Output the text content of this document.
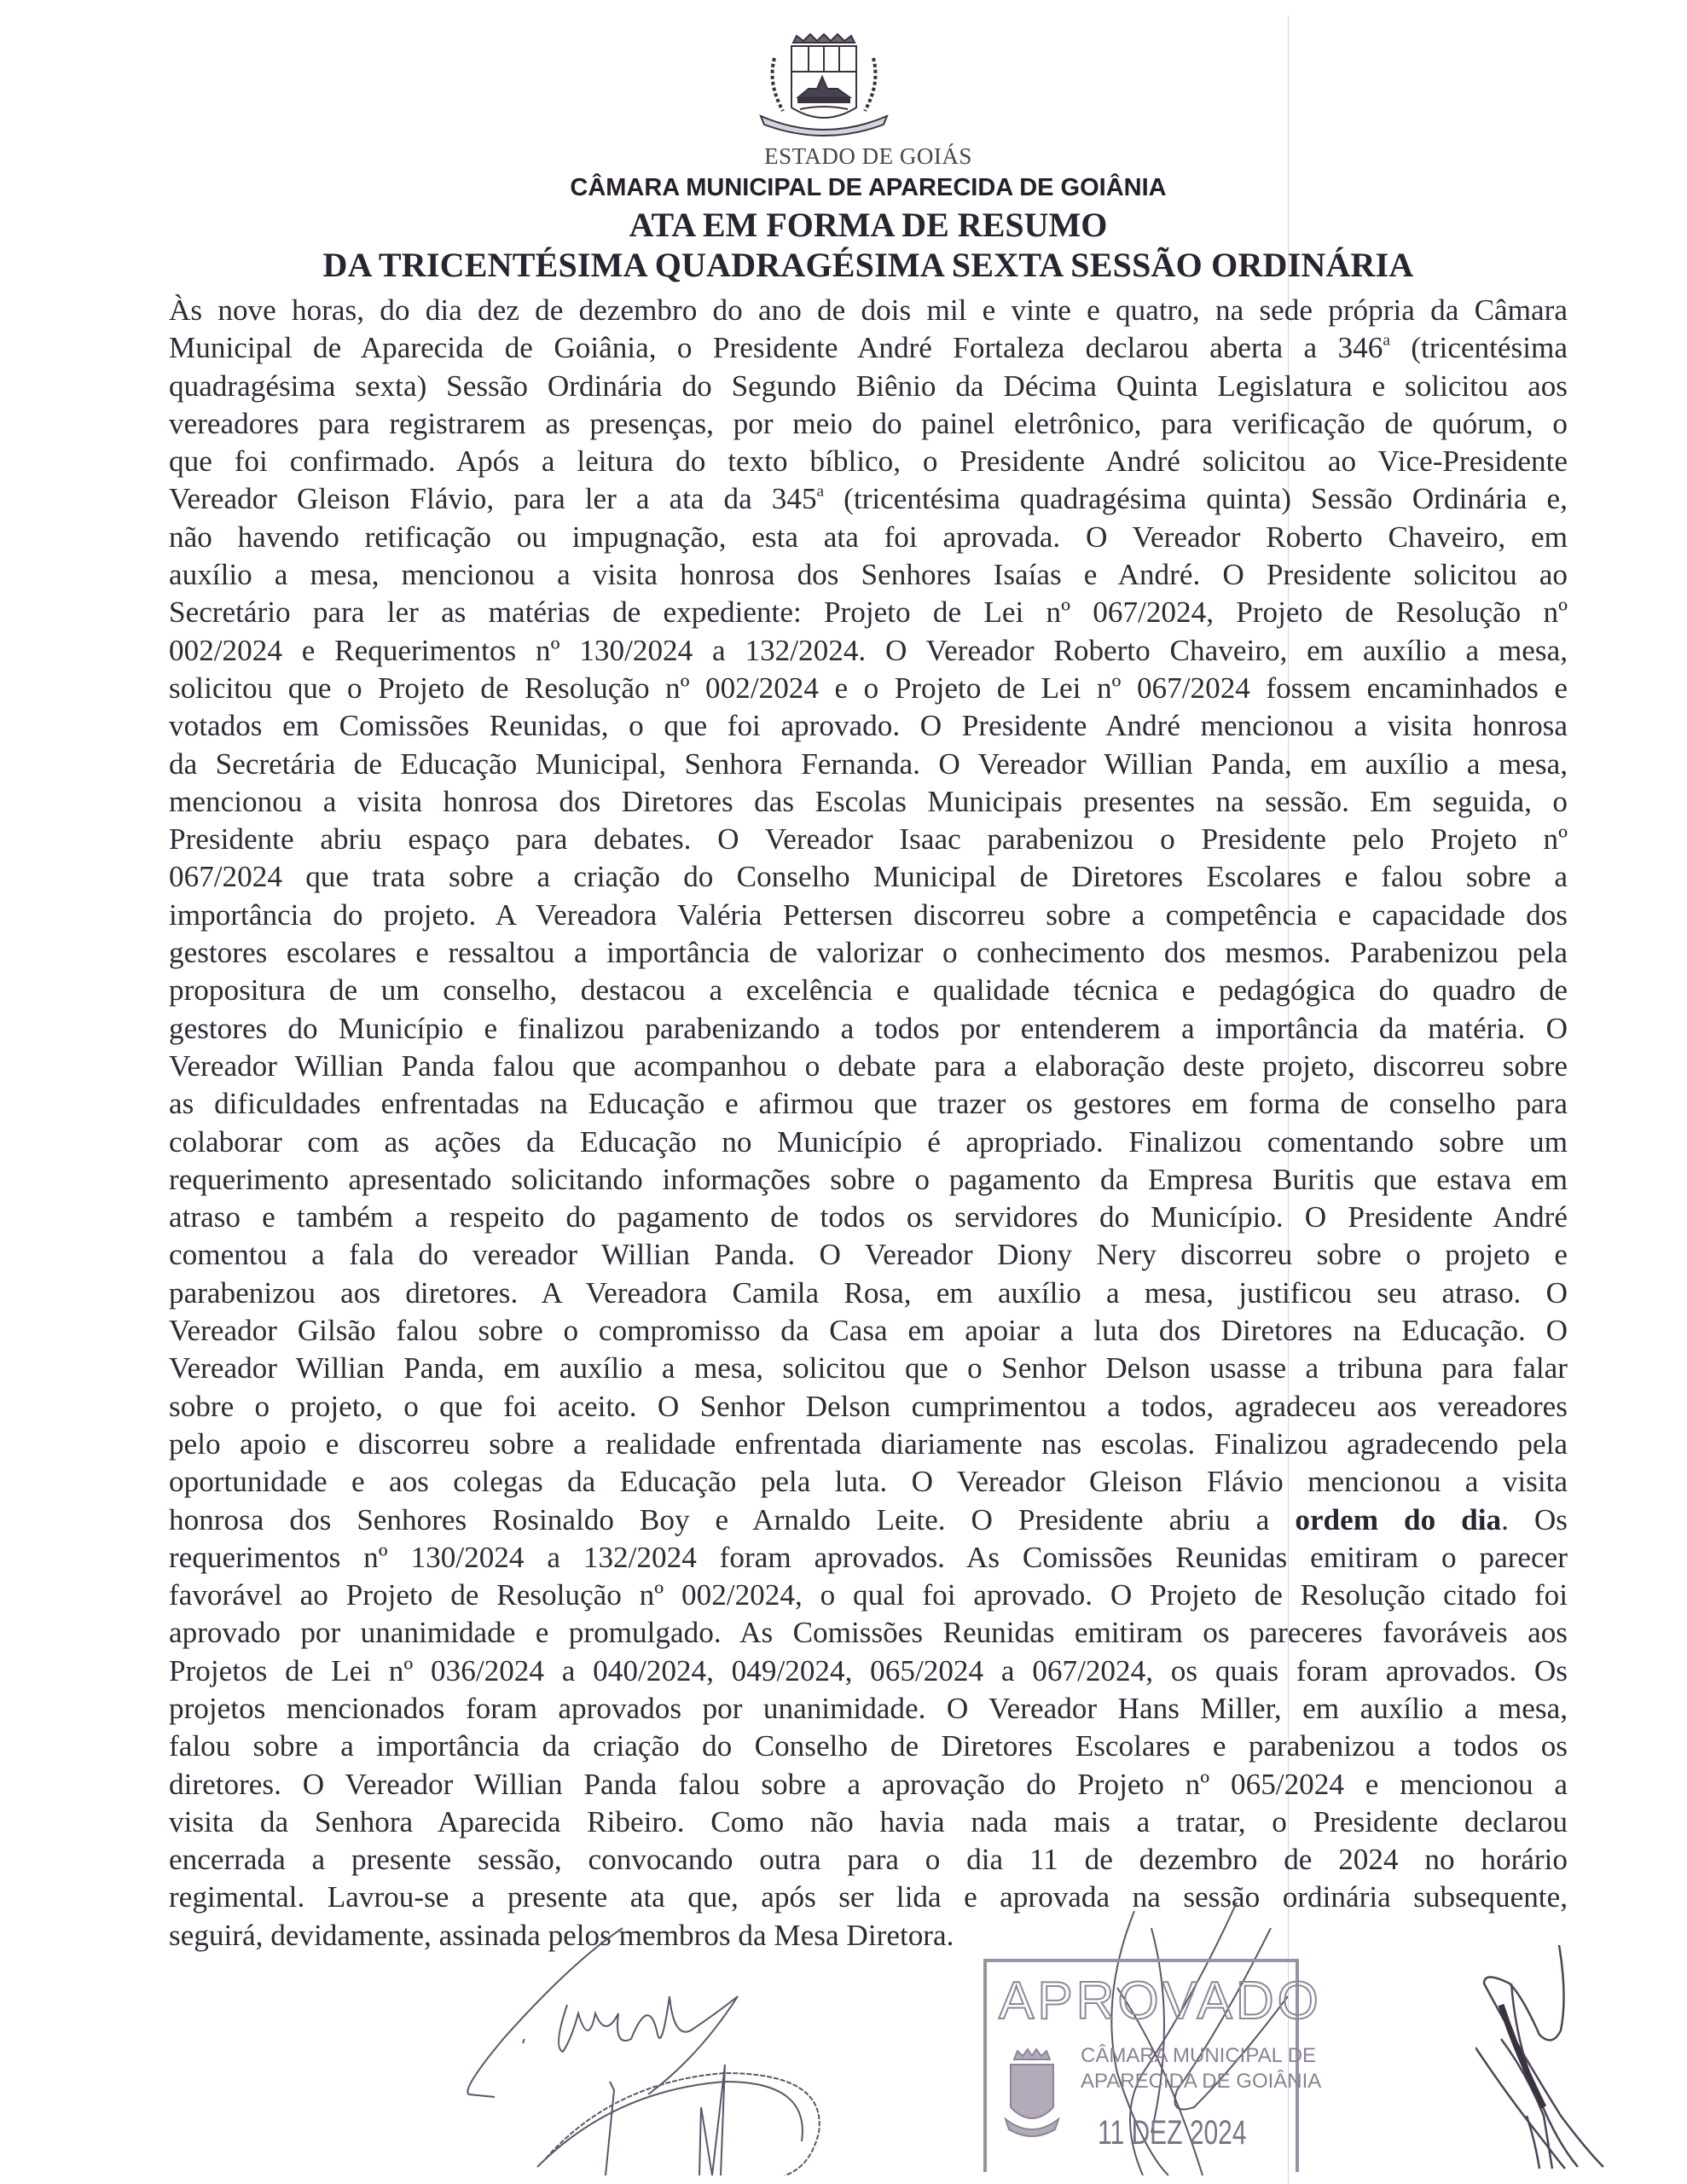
ESTADO DE GOIÁS
CÂMARA MUNICIPAL DE APARECIDA DE GOIÂNIA
ATA EM FORMA DE RESUMO
DA TRICENTÉSIMA QUADRAGÉSIMA SEXTA SESSÃO ORDINÁRIA
Às nove horas, do dia dez de dezembro do ano de dois mil e vinte e quatro, na sede própria da Câmara
Municipal de Aparecida de Goiânia, o Presidente André Fortaleza declarou aberta a 346$^a$ (tricentésima
quadragésima sexta) Sessão Ordinária do Segundo Biênio da Décima Quinta Legislatura e solicitou aos
vereadores para registrarem as presenças, por meio do painel eletrônico, para verificação de quórum, o
que foi confirmado. Após a leitura do texto bíblico, o Presidente André solicitou ao Vice-Presidente
Vereador Gleison Flávio, para ler a ata da 345$^a$ (tricentésima quadragésima quinta) Sessão Ordinária e,
não havendo retificação ou impugnação, esta ata foi aprovada. O Vereador Roberto Chaveiro, em
auxílio a mesa, mencionou a visita honrosa dos Senhores Isaías e André. O Presidente solicitou ao
Secretário para ler as matérias de expediente: Projeto de Lei nº 067/2024, Projeto de Resolução nº
002/2024 e Requerimentos nº 130/2024 a 132/2024. O Vereador Roberto Chaveiro, em auxílio a mesa,
solicitou que o Projeto de Resolução nº 002/2024 e o Projeto de Lei nº 067/2024 fossem encaminhados e
votados em Comissões Reunidas, o que foi aprovado. O Presidente André mencionou a visita honrosa
da Secretária de Educação Municipal, Senhora Fernanda. O Vereador Willian Panda, em auxílio a mesa,
mencionou a visita honrosa dos Diretores das Escolas Municipais presentes na sessão. Em seguida, o
Presidente abriu espaço para debates. O Vereador Isaac parabenizou o Presidente pelo Projeto nº
067/2024 que trata sobre a criação do Conselho Municipal de Diretores Escolares e falou sobre a
importância do projeto. A Vereadora Valéria Pettersen discorreu sobre a competência e capacidade dos
gestores escolares e ressaltou a importância de valorizar o conhecimento dos mesmos. Parabenizou pela
propositura de um conselho, destacou a excelência e qualidade técnica e pedagógica do quadro de
gestores do Município e finalizou parabenizando a todos por entenderem a importância da matéria. O
Vereador Willian Panda falou que acompanhou o debate para a elaboração deste projeto, discorreu sobre
as dificuldades enfrentadas na Educação e afirmou que trazer os gestores em forma de conselho para
colaborar com as ações da Educação no Município é apropriado. Finalizou comentando sobre um
requerimento apresentado solicitando informações sobre o pagamento da Empresa Buritis que estava em
atraso e também a respeito do pagamento de todos os servidores do Município. O Presidente André
comentou a fala do vereador Willian Panda. O Vereador Diony Nery discorreu sobre o projeto e
parabenizou aos diretores. A Vereadora Camila Rosa, em auxílio a mesa, justificou seu atraso. O
Vereador Gilsão falou sobre o compromisso da Casa em apoiar a luta dos Diretores na Educação. O
Vereador Willian Panda, em auxílio a mesa, solicitou que o Senhor Delson usasse a tribuna para falar
sobre o projeto, o que foi aceito. O Senhor Delson cumprimentou a todos, agradeceu aos vereadores
pelo apoio e discorreu sobre a realidade enfrentada diariamente nas escolas. Finalizou agradecendo pela
oportunidade e aos colegas da Educação pela luta. O Vereador Gleison Flávio mencionou a visita
honrosa dos Senhores Rosinaldo Boy e Arnaldo Leite. O Presidente abriu a ordem do dia. Os
requerimentos nº 130/2024 a 132/2024 foram aprovados. As Comissões Reunidas emitiram o parecer
favorável ao Projeto de Resolução nº 002/2024, o qual foi aprovado. O Projeto de Resolução citado foi
aprovado por unanimidade e promulgado. As Comissões Reunidas emitiram os pareceres favoráveis aos
Projetos de Lei nº 036/2024 a 040/2024, 049/2024, 065/2024 a 067/2024, os quais foram aprovados. Os
projetos mencionados foram aprovados por unanimidade. O Vereador Hans Miller, em auxílio a mesa,
falou sobre a importância da criação do Conselho de Diretores Escolares e parabenizou a todos os
diretores. O Vereador Willian Panda falou sobre a aprovação do Projeto nº 065/2024 e mencionou a
visita da Senhora Aparecida Ribeiro. Como não havia nada mais a tratar, o Presidente declarou
encerrada a presente sessão, convocando outra para o dia 11 de dezembro de 2024 no horário
regimental. Lavrou-se a presente ata que, após ser lida e aprovada na sessão ordinária subsequente,
seguirá, devidamente, assinada pelos membros da Mesa Diretora.
APROVADO
CÂMARA MUNICIPAL DE
APARECIDA DE GOIÂNIA
11 DEZ 2024
